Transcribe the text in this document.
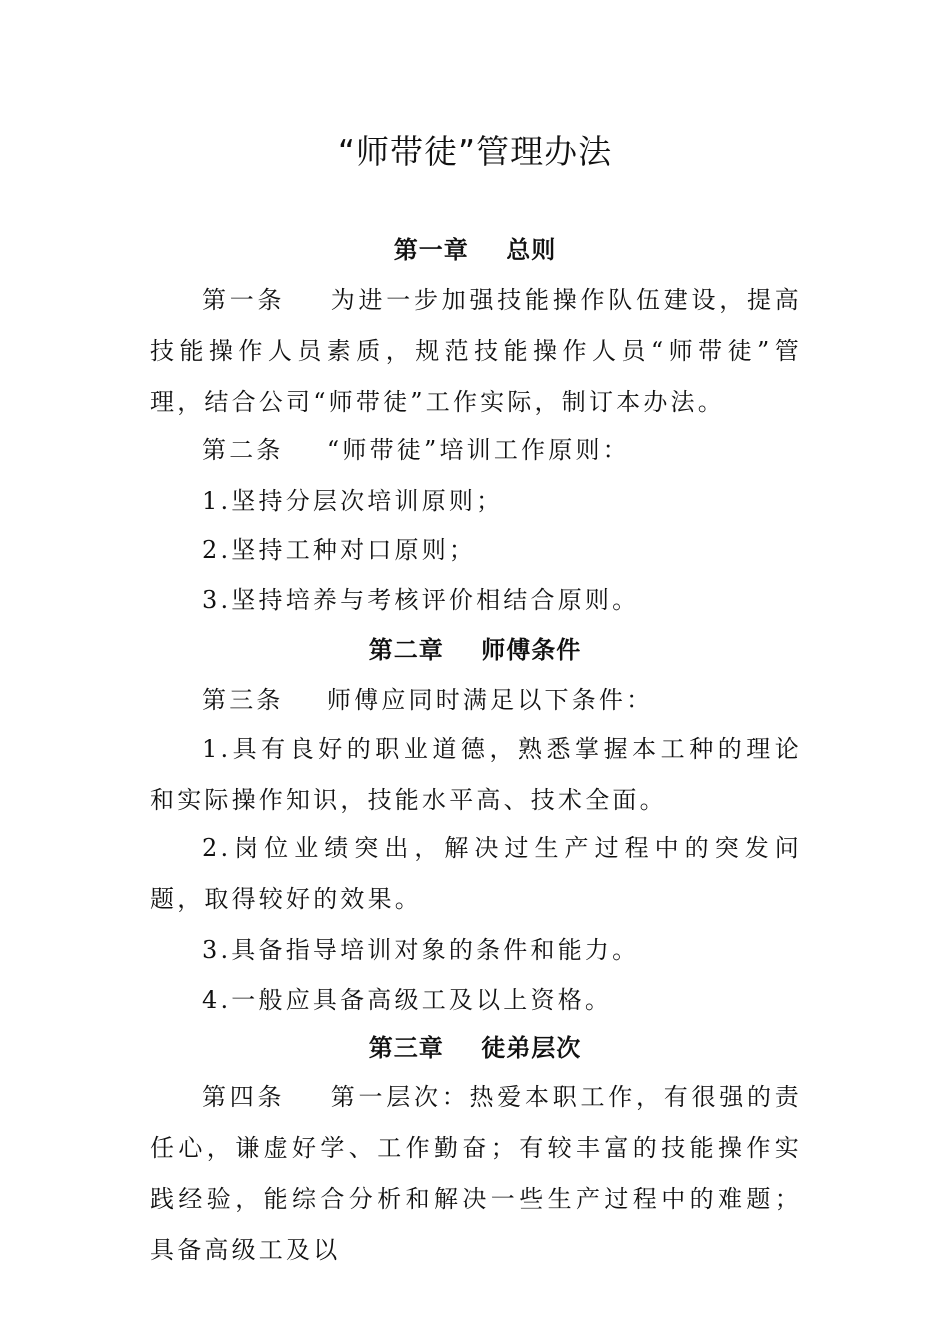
“师带徒”管理办法
第一章    总则
第一条    为进一步加强技能操作队伍建设，提高技能操作人员素质，规范技能操作人员“师带徒”管理，结合公司“师带徒”工作实际，制订本办法。
第二条    “师带徒”培训工作原则：
1.坚持分层次培训原则；
2.坚持工种对口原则；
3.坚持培养与考核评价相结合原则。
第二章    师傅条件
第三条    师傅应同时满足以下条件：
1.具有良好的职业道德，熟悉掌握本工种的理论和实际操作知识，技能水平高、技术全面。
2.岗位业绩突出，解决过生产过程中的突发问题，取得较好的效果。
3.具备指导培训对象的条件和能力。
4.一般应具备高级工及以上资格。
第三章    徒弟层次
第四条    第一层次：热爱本职工作，有很强的责任心，谦虚好学、工作勤奋；有较丰富的技能操作实践经验，能综合分析和解决一些生产过程中的难题；具备高级工及以
